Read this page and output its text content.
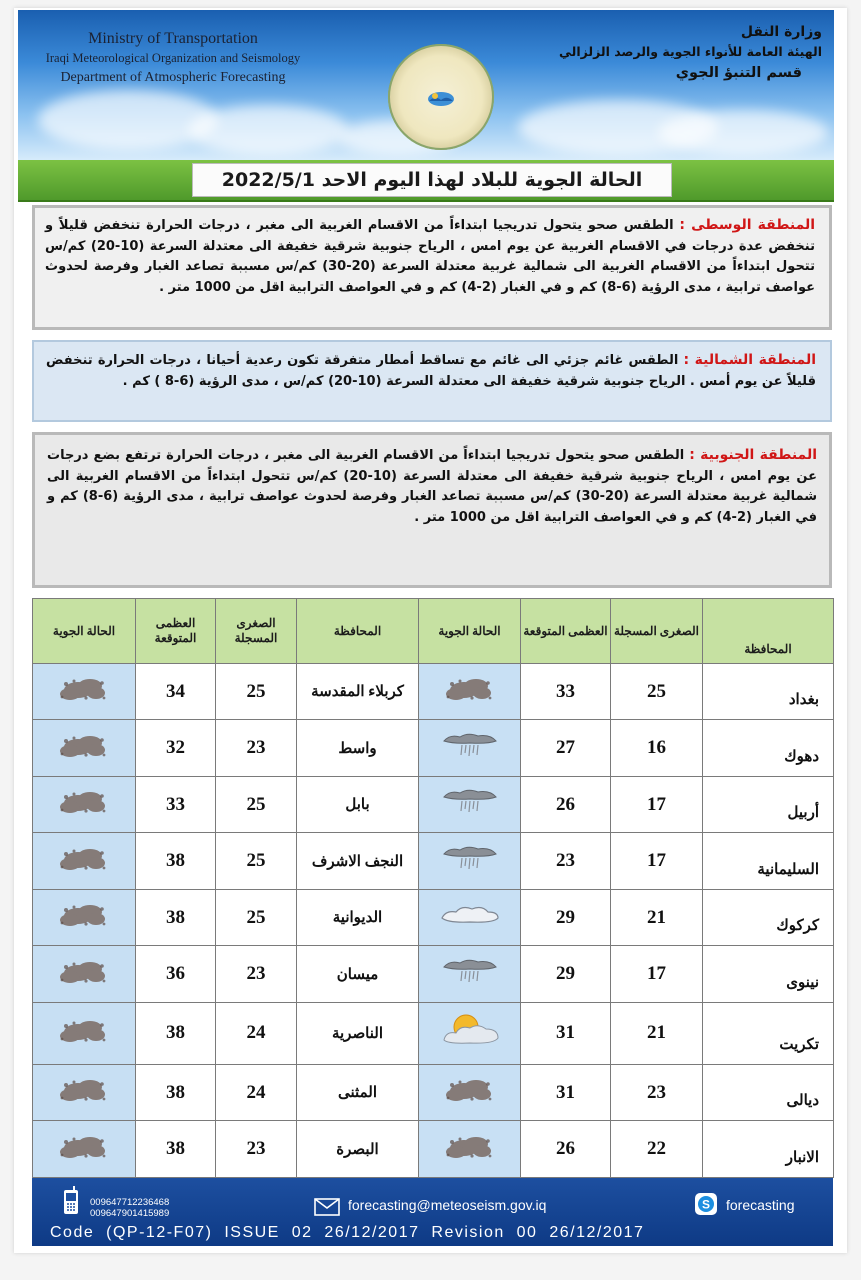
Ministry of Transportation
Iraqi Meteorological Organization and Seismology
Department of Atmospheric Forecasting
وزارة النقل
الهيئة العامة للأنواء الجوية والرصد الزلزالي
قسم التنبؤ الجوي
الحالة الجوية للبلاد لهذا اليوم الاحد 2022/5/1
المنطقة الوسطى : الطقس صحو يتحول تدريجيا ابتداءاً من الاقسام الغربية الى مغبر ، درجات الحرارة تنخفض قليلاً و تنخفض عدة درجات في الاقسام الغربية عن يوم امس ، الرياح جنوبية شرقية خفيفة الى معتدلة السرعة (10-20) كم/س تتحول ابتداءاً من الاقسام الغربية الى شمالية غربية معتدلة السرعة (20-30) كم/س مسببة تصاعد الغبار وفرصة لحدوث عواصف ترابية ، مدى الرؤية (6-8) كم و في الغبار (2-4) كم و في العواصف الترابية اقل من 1000 متر .
المنطقة الشمالية : الطقس غائم جزئي الى غائم مع تساقط أمطار متفرقة تكون رعدية أحيانا ، درجات الحرارة تنخفض قليلاً عن يوم أمس . الرياح جنوبية شرقية خفيفة الى معتدلة السرعة (10-20) كم/س ، مدى الرؤية (6-8 ) كم .
المنطقة الجنوبية : الطقس صحو يتحول تدريجيا ابتداءاً من الاقسام الغربية الى مغبر ، درجات الحرارة ترتفع بضع درجات عن يوم امس ، الرياح جنوبية شرقية خفيفة الى معتدلة السرعة (10-20) كم/س تتحول ابتداءاً من الاقسام الغربية الى شمالية غربية معتدلة السرعة (20-30) كم/س مسببة تصاعد الغبار وفرصة لحدوث عواصف ترابية ، مدى الرؤية (6-8) كم و في الغبار (2-4) كم و في العواصف الترابية اقل من 1000 متر .
الحالة الجوية	العظمى المتوقعة	الصغرى المسجلة	المحافظة	الحالة الجوية	العظمى المتوقعة	الصغرى المسجلة	المحافظة
	34	25	كربلاء المقدسة		33	25	بغداد
	32	23	واسط		27	16	دهوك
	33	25	بابل		26	17	أربيل
	38	25	النجف الاشرف		23	17	السليمانية
	38	25	الديوانية		29	21	كركوك
	36	23	ميسان		29	17	نينوى
	38	24	الناصرية		31	21	تكريت
	38	24	المثنى		31	23	ديالى
	38	23	البصرة		26	22	الانبار
009647712236468
009647901415989
forecasting@meteoseism.gov.iq	S forecasting
Code  (QP-12-F07)  ISSUE  02  26/12/2017  Revision  00  26/12/2017
